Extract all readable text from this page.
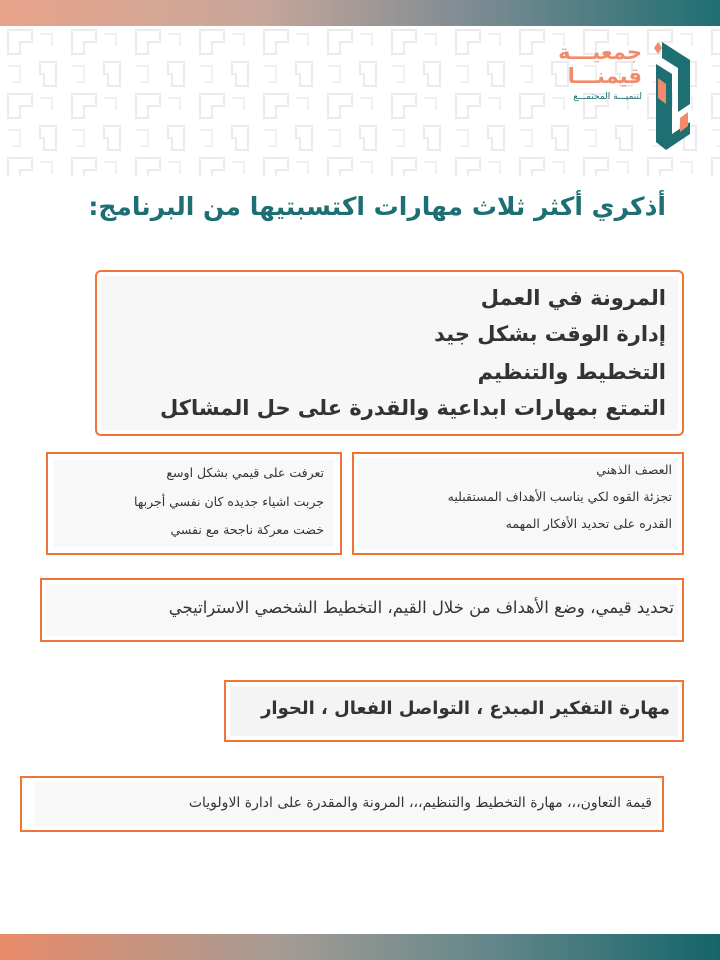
جمعيـــة
قيمنـــا
لتنميـــة المجتمـــع
أذكري أكثر ثلاث مهارات اكتسبتيها من البرنامج:
المرونة في العمل
إدارة الوقت بشكل جيد
التخطيط والتنظيم
التمتع بمهارات ابداعية والقدرة على حل المشاكل
العصف الذهني
تجزئة القوه لكي يناسب الأهداف المستقبليه
القدره على تحديد الأفكار المهمه
تعرفت على قيمي بشكل اوسع
جربت اشياء جديده كان نفسي أجربها
خضت معركة ناجحة مع نفسي
تحديد قيمي، وضع الأهداف من خلال القيم، التخطيط الشخصي الاستراتيجي
مهارة التفكير المبدع ، التواصل الفعال ، الحوار
قيمة التعاون،،، مهارة التخطيط والتنظيم،،، المرونة والمقدرة على ادارة الاولويات
